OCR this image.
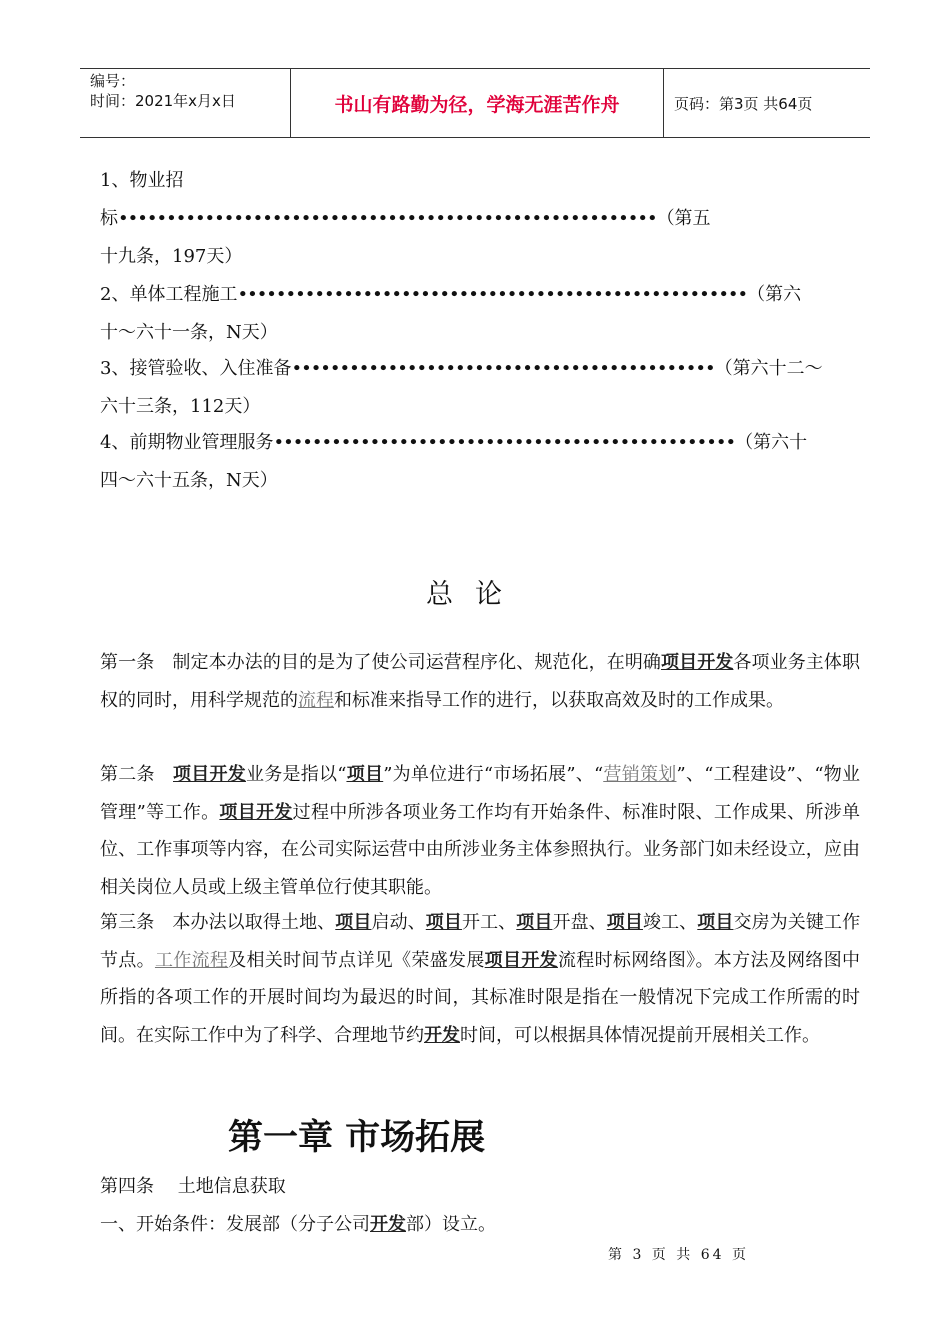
编号：
时间：2021年x月x日	书山有路勤为径，学海无涯苦作舟	页码：第3页 共64页
1、物业招
标••••••••••••••••••••••••••••••••••••••••••••••••••••••••（第五
十九条，197天）
2、单体工程施工•••••••••••••••••••••••••••••••••••••••••••••••••••••（第六
十～六十一条，N天）
3、接管验收、入住准备••••••••••••••••••••••••••••••••••••••••••••（第六十二～
六十三条，112天）
4、前期物业管理服务••••••••••••••••••••••••••••••••••••••••••••••••（第六十
四～六十五条，N天）
总论
第一条　制定本办法的目的是为了使公司运营程序化、规范化，在明确项目开发各项业务主体职权的同时，用科学规范的流程和标准来指导工作的进行，以获取高效及时的工作成果。
第二条　项目开发业务是指以“项目”为单位进行“市场拓展”、“营销策划”、“工程建设”、“物业管理”等工作。项目开发过程中所涉各项业务工作均有开始条件、标准时限、工作成果、所涉单位、工作事项等内容，在公司实际运营中由所涉业务主体参照执行。业务部门如未经设立，应由相关岗位人员或上级主管单位行使其职能。
第三条　本办法以取得土地、项目启动、项目开工、项目开盘、项目竣工、项目交房为关键工作节点。工作流程及相关时间节点详见《荣盛发展项目开发流程时标网络图》。本方法及网络图中所指的各项工作的开展时间均为最迟的时间，其标准时限是指在一般情况下完成工作所需的时间。在实际工作中为了科学、合理地节约开发时间，可以根据具体情况提前开展相关工作。
第一章 市场拓展
第四条　 土地信息获取
一、开始条件：发展部（分子公司开发部）设立。
第 3 页 共 64 页
